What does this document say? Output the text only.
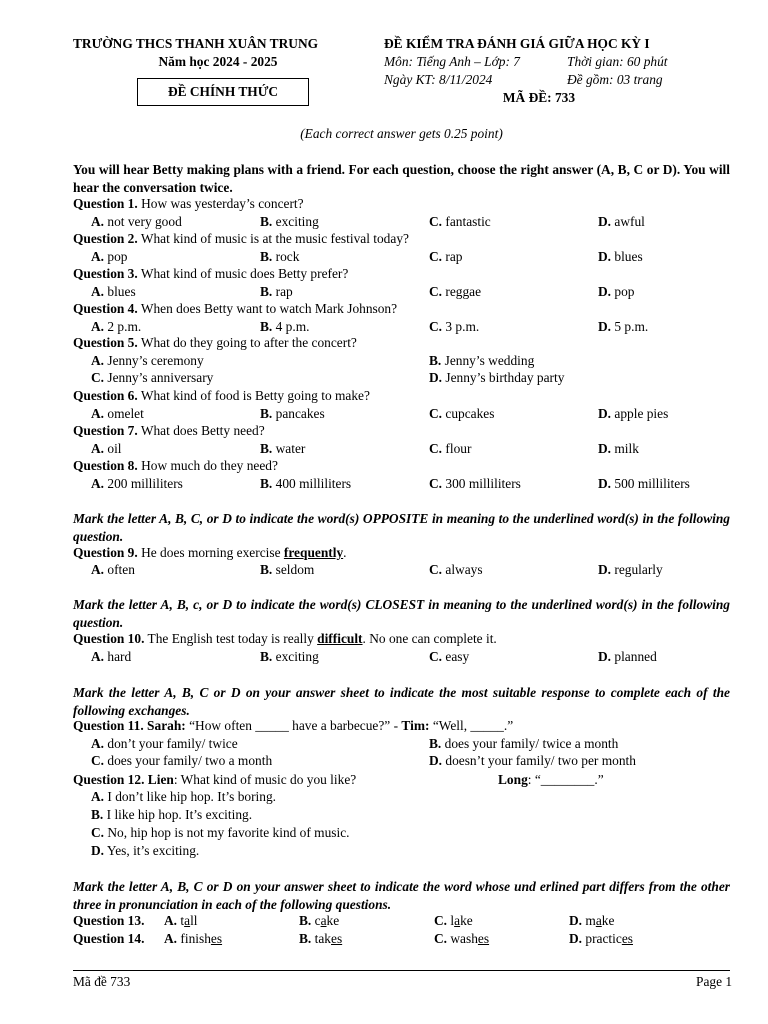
TRƯỜNG THCS THANH XUÂN TRUNG
Năm học 2024 - 2025
ĐỀ CHÍNH THỨC
ĐỀ KIỂM TRA ĐÁNH GIÁ GIỮA HỌC KỲ I
Môn: Tiếng Anh – Lớp: 7	Thời gian: 60 phút
Ngày KT: 8/11/2024	Đề gồm: 03 trang
MÃ ĐỀ: 733
(Each correct answer gets 0.25 point)
You will hear Betty making plans with a friend. For each question, choose the right answer (A, B, C or D). You will hear the conversation twice.
Question 1. How was yesterday’s concert?
A. not very good	B. exciting	C. fantastic	D. awful
Question 2. What kind of music is at the music festival today?
A. pop	B. rock	C. rap	D. blues
Question 3. What kind of music does Betty prefer?
A. blues	B. rap	C. reggae	D. pop
Question 4. When does Betty want to watch Mark Johnson?
A. 2 p.m.	B. 4 p.m.	C. 3 p.m.	D. 5 p.m.
Question 5. What do they going to after the concert?
A. Jenny’s ceremony	B. Jenny’s wedding
C. Jenny’s anniversary	D. Jenny’s birthday party
Question 6. What kind of food is Betty going to make?
A. omelet	B. pancakes	C. cupcakes	D. apple pies
Question 7. What does Betty need?
A. oil	B. water	C. flour	D. milk
Question 8. How much do they need?
A. 200 milliliters	B. 400 milliliters	C. 300 milliliters	D. 500 milliliters
Mark the letter A, B, C, or D to indicate the word(s) OPPOSITE in meaning to the underlined word(s) in the following question.
Question 9. He does morning exercise frequently.
A. often	B. seldom	C. always	D. regularly
Mark the letter A, B, c, or D to indicate the word(s) CLOSEST in meaning to the underlined word(s) in the following question.
Question 10. The English test today is really difficult. No one can complete it.
A. hard	B. exciting	C. easy	D. planned
Mark the letter A, B, C or D on your answer sheet to indicate the most suitable response to complete each of the following exchanges.
Question 11. Sarah: “How often _____ have a barbecue?” - Tim: “Well, _____.”
A. don’t your family/ twice	B. does your family/ twice a month
C. does your family/ two a month	D. doesn’t your family/ two per month
Question 12. Lien: What kind of music do you like?	Long: “________.”
A. I don’t like hip hop. It’s boring.
B. I like hip hop. It’s exciting.
C. No, hip hop is not my favorite kind of music.
D. Yes, it’s exciting.
Mark the letter A, B, C or D on your answer sheet to indicate the word whose und erlined part differs from the other three in pronunciation in each of the following questions.
Question 13. A. tall	B. cake	C. lake	D. make
Question 14. A. finishes	B. takes	C. washes	D. practices
Mã đề 733	Page 1
